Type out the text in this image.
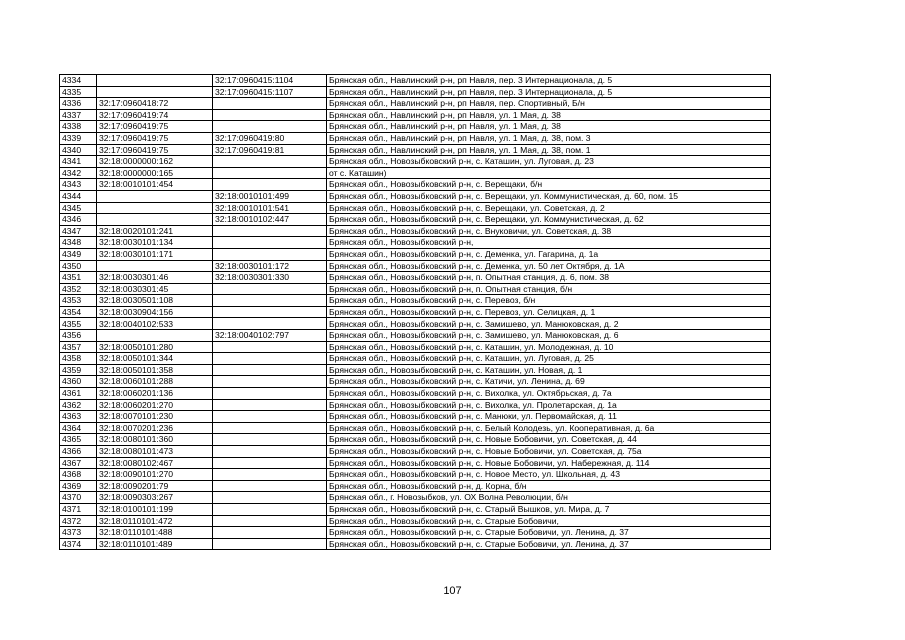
4334		32:17:0960415:1104	Брянская обл., Навлинский р-н, рп Навля, пер. 3 Интернационала, д. 5
4335		32:17:0960415:1107	Брянская обл., Навлинский р-н, рп Навля, пер. 3 Интернационала, д. 5
4336	32:17:0960418:72		Брянская обл., Навлинский р-н, рп Навля, пер. Спортивный, Б/н
4337	32:17:0960419:74		Брянская обл., Навлинский р-н, рп Навля, ул. 1 Мая, д. 38
4338	32:17:0960419:75		Брянская обл., Навлинский р-н, рп Навля, ул. 1 Мая, д. 38
4339	32:17:0960419:75	32:17:0960419:80	Брянская обл., Навлинский р-н, рп Навля, ул. 1 Мая, д. 38, пом. 3
4340	32:17:0960419:75	32:17:0960419:81	Брянская обл., Навлинский р-н, рп Навля, ул. 1 Мая, д. 38, пом. 1
4341	32:18:0000000:162		Брянская обл., Новозыбковский р-н, с. Каташин, ул. Луговая, д. 23
4342	32:18:0000000:165		от с. Каташин)
4343	32:18:0010101:454		Брянская обл., Новозыбковский р-н, с. Верещаки, б/н
4344		32:18:0010101:499	Брянская обл., Новозыбковский р-н, с. Верещаки, ул. Коммунистическая, д. 60, пом. 15
4345		32:18:0010101:541	Брянская обл., Новозыбковский р-н, с. Верещаки, ул. Советская, д. 2
4346		32:18:0010102:447	Брянская обл., Новозыбковский р-н, с. Верещаки, ул. Коммунистическая, д. 62
4347	32:18:0020101:241		Брянская обл., Новозыбковский р-н, с. Внуковичи, ул. Советская, д. 38
4348	32:18:0030101:134		Брянская обл., Новозыбковский р-н,
4349	32:18:0030101:171		Брянская обл., Новозыбковский р-н, с. Деменка, ул. Гагарина, д. 1а
4350		32:18:0030101:172	Брянская обл., Новозыбковский р-н, с. Деменка, ул. 50 лет Октября, д. 1А
4351	32:18:0030301:46	32:18:0030301:330	Брянская обл., Новозыбковский р-н, п. Опытная станция, д. 6, пом. 38
4352	32:18:0030301:45		Брянская обл., Новозыбковский р-н, п. Опытная станция, б/н
4353	32:18:0030501:108		Брянская обл., Новозыбковский р-н, с. Перевоз, б/н
4354	32:18:0030904:156		Брянская обл., Новозыбковский р-н, с. Перевоз, ул. Селицкая, д. 1
4355	32:18:0040102:533		Брянская обл., Новозыбковский р-н, с. Замишево, ул. Манюковская, д. 2
4356		32:18:0040102:797	Брянская обл., Новозыбковский р-н, с. Замишево, ул. Манюковская, д. 6
4357	32:18:0050101:280		Брянская обл., Новозыбковский р-н, с. Каташин, ул. Молодежная, д. 10
4358	32:18:0050101:344		Брянская обл., Новозыбковский р-н, с. Каташин, ул. Луговая, д. 25
4359	32:18:0050101:358		Брянская обл., Новозыбковский р-н, с. Каташин, ул. Новая, д. 1
4360	32:18:0060101:288		Брянская обл., Новозыбковский р-н, с. Катичи, ул. Ленина, д. 69
4361	32:18:0060201:136		Брянская обл., Новозыбковский р-н, с. Вихолка, ул. Октябрьская, д. 7а
4362	32:18:0060201:270		Брянская обл., Новозыбковский р-н, с. Вихолка, ул. Пролетарская, д. 1а
4363	32:18:0070101:230		Брянская обл., Новозыбковский р-н, с. Манюки, ул. Первомайская, д. 11
4364	32:18:0070201:236		Брянская обл., Новозыбковский р-н, с. Белый Колодезь, ул. Кооперативная, д. 6а
4365	32:18:0080101:360		Брянская обл., Новозыбковский р-н, с. Новые Бобовичи, ул. Советская, д. 44
4366	32:18:0080101:473		Брянская обл., Новозыбковский р-н, с. Новые Бобовичи, ул. Советская, д. 75а
4367	32:18:0080102:467		Брянская обл., Новозыбковский р-н, с. Новые Бобовичи, ул. Набережная, д. 114
4368	32:18:0090101:270		Брянская обл., Новозыбковский р-н, с. Новое Место, ул. Школьная, д. 43
4369	32:18:0090201:79		Брянская обл., Новозыбковский р-н, д. Корна, б/н
4370	32:18:0090303:267		Брянская обл., г. Новозыбков, ул. ОХ Волна Революции, б/н
4371	32:18:0100101:199		Брянская обл., Новозыбковский р-н, с. Старый Вышков, ул. Мира, д. 7
4372	32:18:0110101:472		Брянская обл., Новозыбковский р-н, с. Старые Бобовичи,
4373	32:18:0110101:488		Брянская обл., Новозыбковский р-н, с. Старые Бобовичи, ул. Ленина, д. 37
4374	32:18:0110101:489		Брянская обл., Новозыбковский р-н, с. Старые Бобовичи, ул. Ленина, д. 37
107
